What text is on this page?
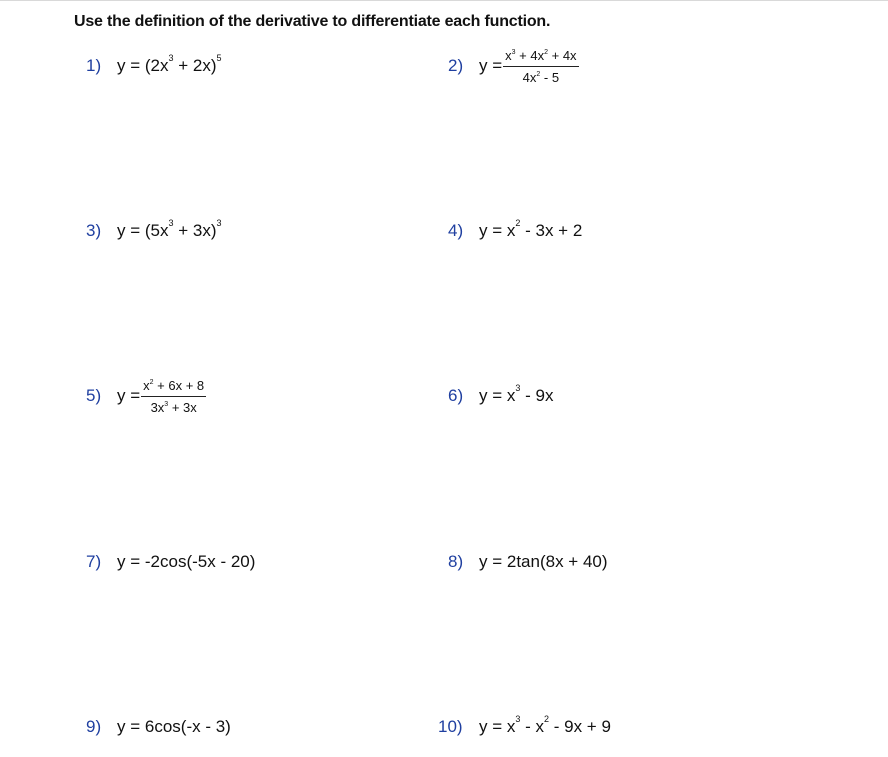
Use the definition of the derivative to differentiate each function.
1) $y = (2x^3 + 2x)^5$	2) $y = \frac{x^3 + 4x^2 + 4x}{4x^2 - 5}$
3) $y = (5x^3 + 3x)^3$	4) $y = x^2 - 3x + 2$
5) $y = \frac{x^2 + 6x + 8}{3x^3 + 3x}$	6) $y = x^3 - 9x$
7) y = -2cos(-5x - 20)	8) y = 2tan(8x + 40)
9) y = 6cos(-x - 3)	10) $y = x^3 - x^2 - 9x + 9$
